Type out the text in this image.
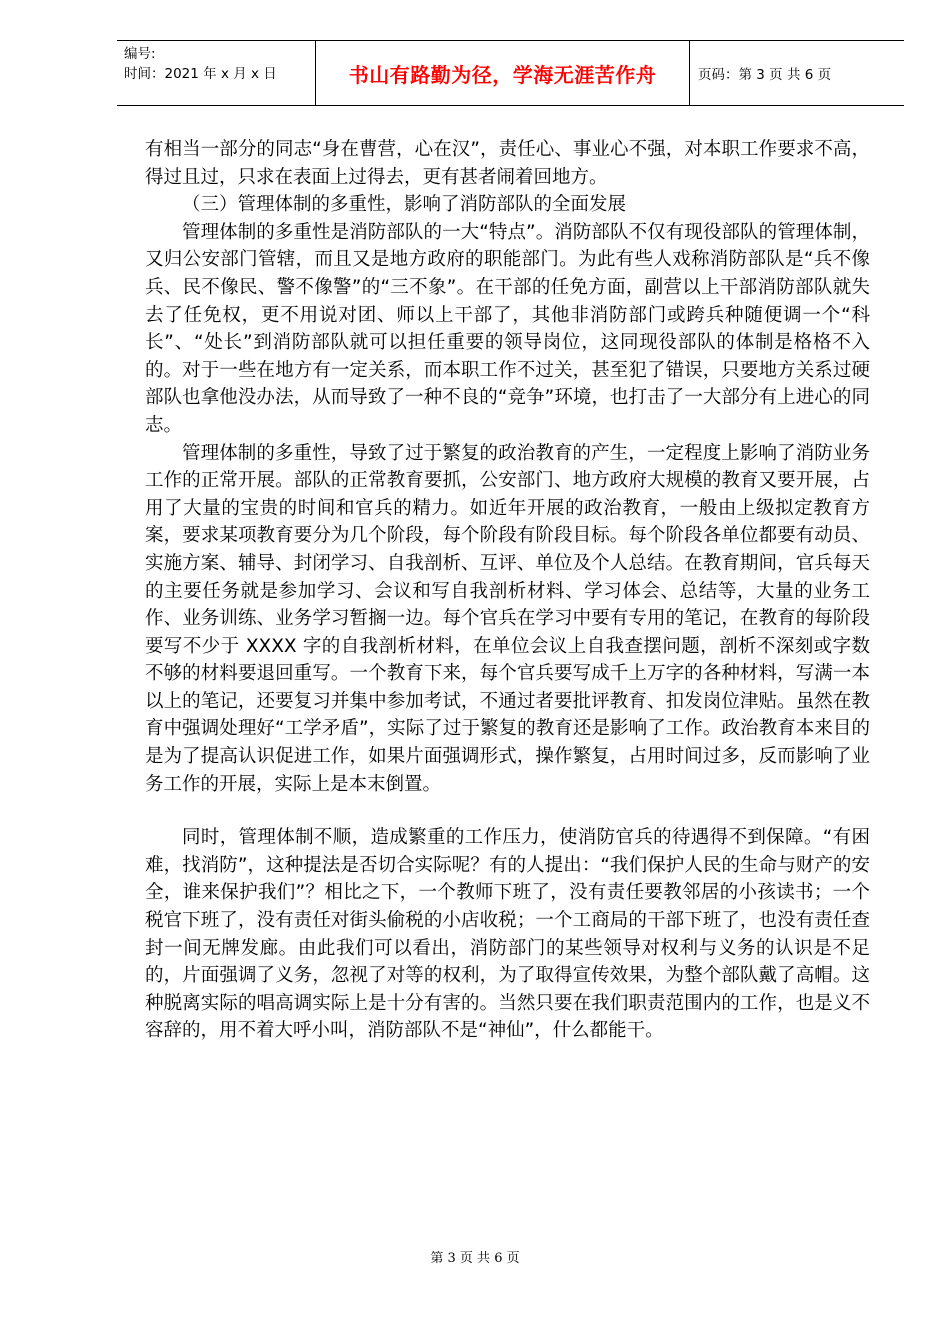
编号:
时间：2021 年 x 月 x 日	书山有路勤为径，学海无涯苦作舟	页码：第 3 页 共 6 页

有相当一部分的同志“身在曹营，心在汉”，责任心、事业心不强，对本职工作要求不高，得过且过，只求在表面上过得去，更有甚者闹着回地方。

（三）管理体制的多重性，影响了消防部队的全面发展

管理体制的多重性是消防部队的一大“特点”。消防部队不仅有现役部队的管理体制，又归公安部门管辖，而且又是地方政府的职能部门。为此有些人戏称消防部队是“兵不像兵、民不像民、警不像警”的“三不象”。在干部的任免方面，副营以上干部消防部队就失去了任免权，更不用说对团、师以上干部了，其他非消防部门或跨兵种随便调一个“科长”、“处长”到消防部队就可以担任重要的领导岗位，这同现役部队的体制是格格不入的。对于一些在地方有一定关系，而本职工作不过关，甚至犯了错误，只要地方关系过硬部队也拿他没办法，从而导致了一种不良的“竞争”环境，也打击了一大部分有上进心的同志。

管理体制的多重性，导致了过于繁复的政治教育的产生，一定程度上影响了消防业务工作的正常开展。部队的正常教育要抓，公安部门、地方政府大规模的教育又要开展，占用了大量的宝贵的时间和官兵的精力。如近年开展的政治教育，一般由上级拟定教育方案，要求某项教育要分为几个阶段，每个阶段有阶段目标。每个阶段各单位都要有动员、实施方案、辅导、封闭学习、自我剖析、互评、单位及个人总结。在教育期间，官兵每天的主要任务就是参加学习、会议和写自我剖析材料、学习体会、总结等，大量的业务工作、业务训练、业务学习暂搁一边。每个官兵在学习中要有专用的笔记，在教育的每阶段要写不少于 XXXX 字的自我剖析材料，在单位会议上自我查摆问题，剖析不深刻或字数不够的材料要退回重写。一个教育下来，每个官兵要写成千上万字的各种材料，写满一本以上的笔记，还要复习并集中参加考试，不通过者要批评教育、扣发岗位津贴。虽然在教育中强调处理好“工学矛盾”，实际了过于繁复的教育还是影响了工作。政治教育本来目的是为了提高认识促进工作，如果片面强调形式，操作繁复，占用时间过多，反而影响了业务工作的开展，实际上是本末倒置。

同时，管理体制不顺，造成繁重的工作压力，使消防官兵的待遇得不到保障。“有困难，找消防”，这种提法是否切合实际呢？有的人提出：“我们保护人民的生命与财产的安全，谁来保护我们”？相比之下，一个教师下班了，没有责任要教邻居的小孩读书；一个税官下班了，没有责任对街头偷税的小店收税；一个工商局的干部下班了，也没有责任查封一间无牌发廊。由此我们可以看出，消防部门的某些领导对权利与义务的认识是不足的，片面强调了义务，忽视了对等的权利，为了取得宣传效果，为整个部队戴了高帽。这种脱离实际的唱高调实际上是十分有害的。当然只要在我们职责范围内的工作，也是义不容辞的，用不着大呼小叫，消防部队不是“神仙”，什么都能干。

第 3 页 共 6 页
